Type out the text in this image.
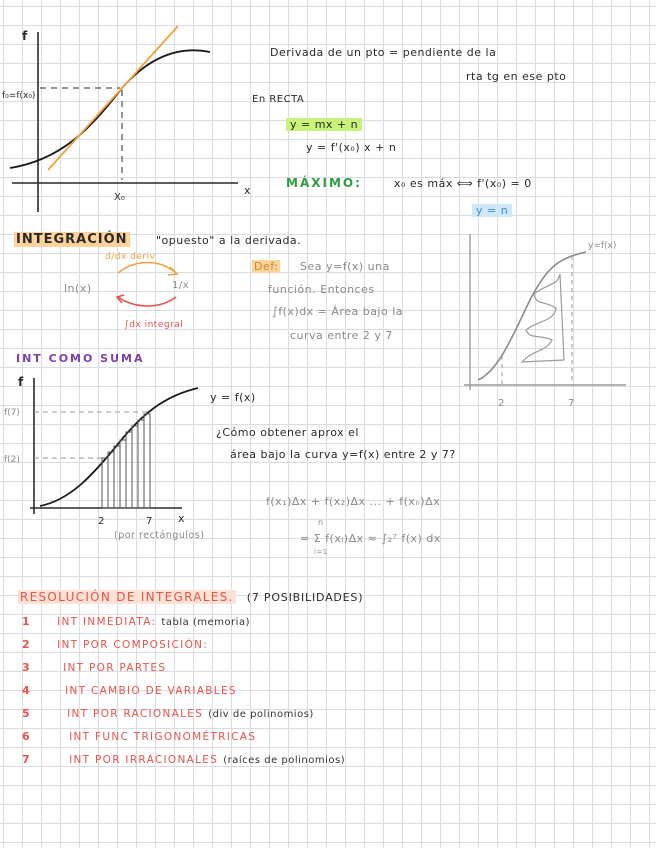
f
f₀=f(x₀)
x
X₀
Derivada de un pto = pendiente de la
rta tg en ese pto
En RECTA
y = mx + n
y = f'(x₀) x + n
MÁXIMO:	x₀ es máx ⟺ f'(x₀) = 0
y = n
INTEGRACIÓN	"opuesto" a la derivada.
d/dx deriv
ln(x)	1/x
∫dx integral
Def: Sea y=f(x) una
función. Entonces
∫f(x)dx = Área bajo la
curva entre 2 y 7
y=f(x)
2	7
INT COMO SUMA
f
f(7)
f(2)
2	7 x
y = f(x)
(por rectángulos)
¿Cómo obtener aprox el
área bajo la curva y=f(x) entre 2 y 7?
f(x₁)Δx + f(x₂)Δx ... + f(xₙ)Δx
n
= Σ f(xᵢ)Δx ≈ ∫₂⁷ f(x) dx
i=1
RESOLUCIÓN DE INTEGRALES. (7 POSIBILIDADES)
1	INT INMEDIATA: tabla (memoria)
2	INT POR COMPOSICIÓN:
3	INT POR PARTES
4	INT CAMBIO DE VARIABLES
5	INT POR RACIONALES (div de polinomios)
6	INT FUNC TRIGONOMÉTRICAS
7	INT POR IRRACIONALES (raíces de polinomios)
